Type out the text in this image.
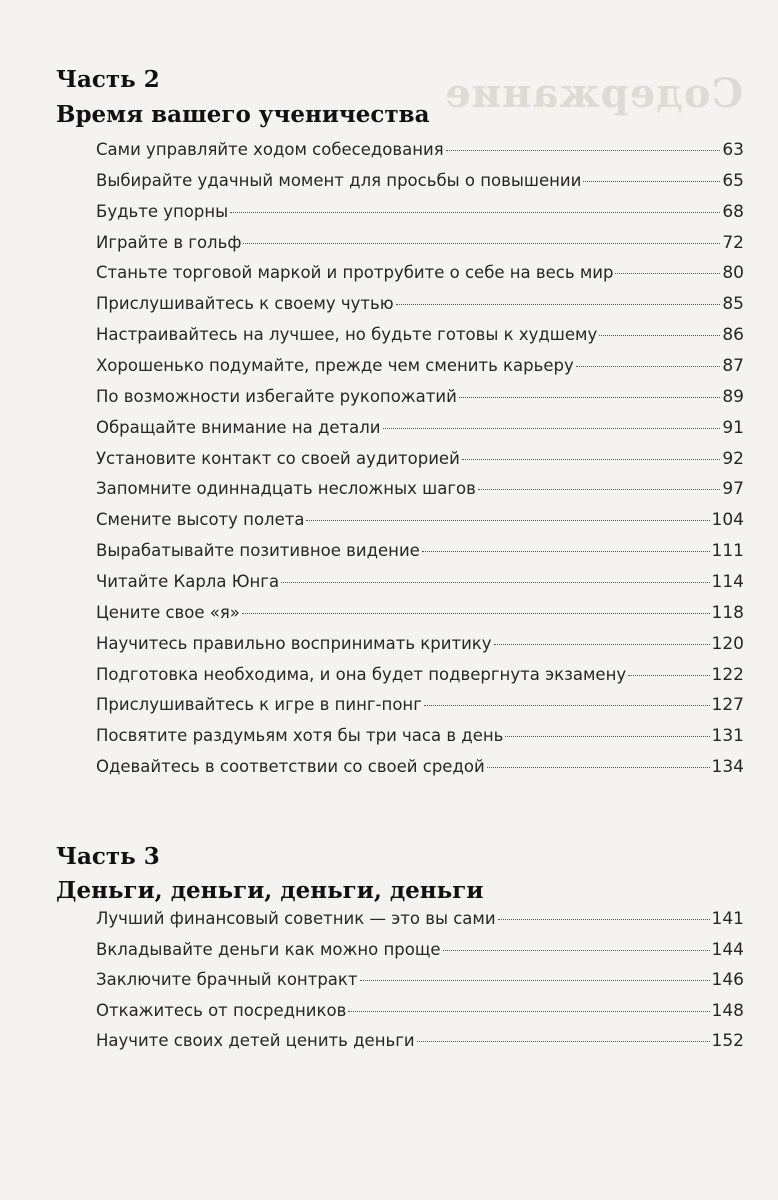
Содержание
Часть 2
Время вашего ученичества
Сами управляйте ходом собеседования	63
Выбирайте удачный момент для просьбы о повышении	65
Будьте упорны	68
Играйте в гольф	72
Станьте торговой маркой и протрубите о себе на весь мир	80
Прислушивайтесь к своему чутью	85
Настраивайтесь на лучшее, но будьте готовы к худшему	86
Хорошенько подумайте, прежде чем сменить карьеру	87
По возможности избегайте рукопожатий	89
Обращайте внимание на детали	91
Установите контакт со своей аудиторией	92
Запомните одиннадцать несложных шагов	97
Смените высоту полета	104
Вырабатывайте позитивное видение	111
Читайте Карла Юнга	114
Цените свое «я»	118
Научитесь правильно воспринимать критику	120
Подготовка необходима, и она будет подвергнута экзамену	122
Прислушивайтесь к игре в пинг-понг	127
Посвятите раздумьям хотя бы три часа в день	131
Одевайтесь в соответствии со своей средой	134
Часть 3
Деньги, деньги, деньги, деньги
Лучший финансовый советник — это вы сами	141
Вкладывайте деньги как можно проще	144
Заключите брачный контракт	146
Откажитесь от посредников	148
Научите своих детей ценить деньги	152
